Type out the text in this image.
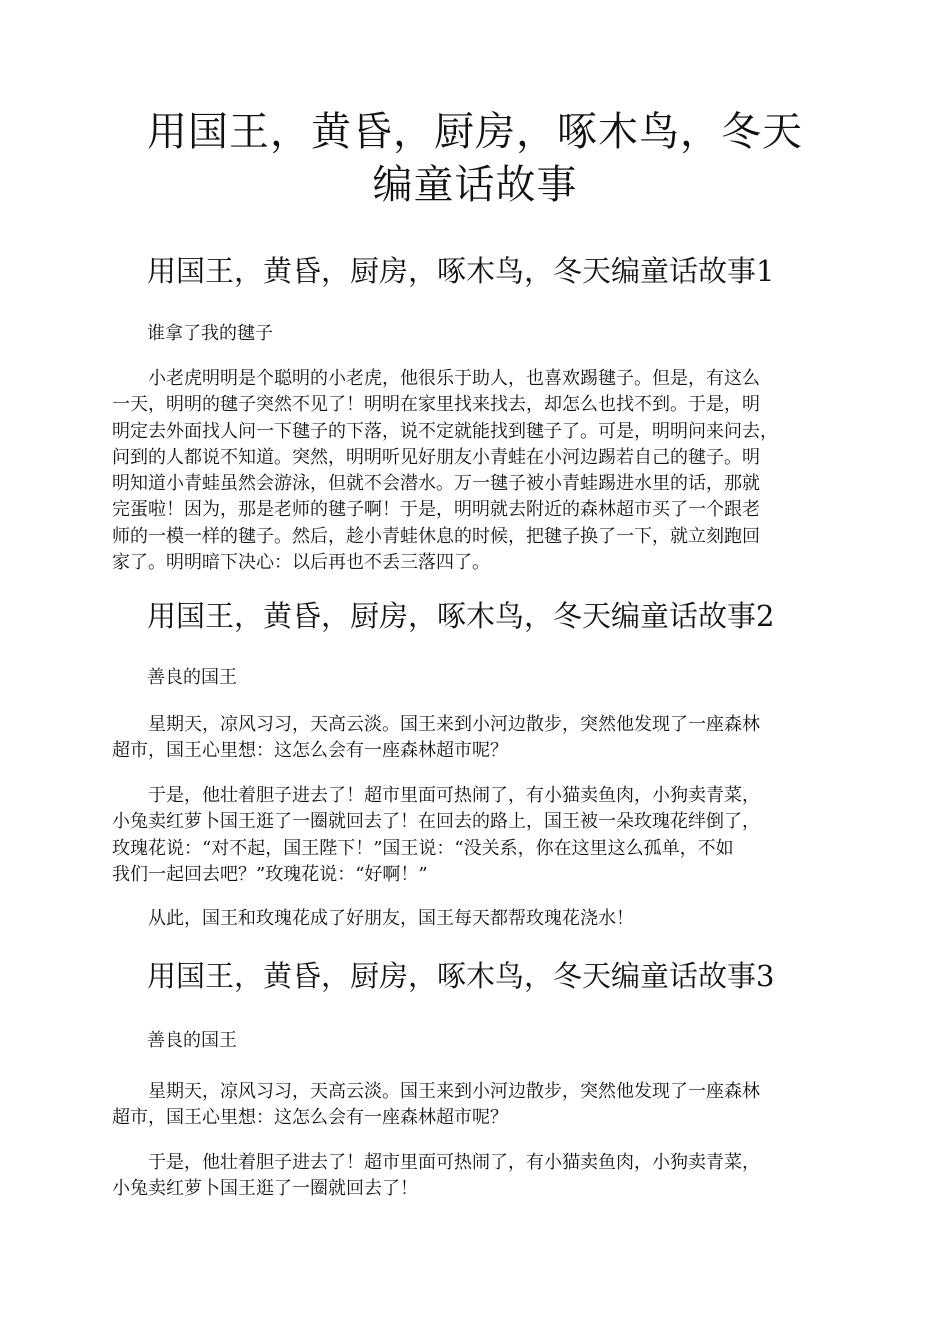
用国王，黄昏，厨房，啄木鸟，冬天
编童话故事
用国王，黄昏，厨房，啄木鸟，冬天编童话故事1

谁拿了我的毽子

　　小老虎明明是个聪明的小老虎，他很乐于助人，也喜欢踢毽子。但是，有这么
一天，明明的毽子突然不见了！明明在家里找来找去，却怎么也找不到。于是，明
明定去外面找人问一下毽子的下落，说不定就能找到毽子了。可是，明明问来问去，
问到的人都说不知道。突然，明明听见好朋友小青蛙在小河边踢若自己的毽子。明
明知道小青蛙虽然会游泳，但就不会潜水。万一毽子被小青蛙踢进水里的话，那就
完蛋啦！因为，那是老师的毽子啊！于是，明明就去附近的森林超市买了一个跟老
师的一模一样的毽子。然后，趁小青蛙休息的时候，把毽子换了一下，就立刻跑回
家了。明明暗下决心：以后再也不丢三落四了。
用国王，黄昏，厨房，啄木鸟，冬天编童话故事2

善良的国王

　　星期天，凉风习习，天高云淡。国王来到小河边散步，突然他发现了一座森林
超市，国王心里想：这怎么会有一座森林超市呢？
　　于是，他壮着胆子进去了！超市里面可热闹了，有小猫卖鱼肉，小狗卖青菜，
小兔卖红萝卜国王逛了一圈就回去了！在回去的路上，国王被一朵玫瑰花绊倒了，
玫瑰花说：“对不起，国王陛下！”国王说：“没关系，你在这里这么孤单，不如
我们一起回去吧？”玫瑰花说：“好啊！”
　　从此，国王和玫瑰花成了好朋友，国王每天都帮玫瑰花浇水！
用国王，黄昏，厨房，啄木鸟，冬天编童话故事3

善良的国王

　　星期天，凉风习习，天高云淡。国王来到小河边散步，突然他发现了一座森林
超市，国王心里想：这怎么会有一座森林超市呢？
　　于是，他壮着胆子进去了！超市里面可热闹了，有小猫卖鱼肉，小狗卖青菜，
小兔卖红萝卜国王逛了一圈就回去了！
